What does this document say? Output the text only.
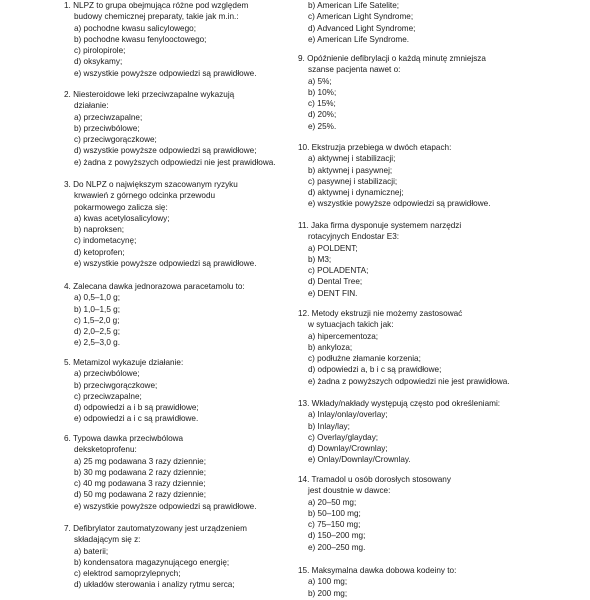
1. NLPZ to grupa obejmująca różne pod względem
budowy chemicznej preparaty, takie jak m.in.:
a) pochodne kwasu salicylowego;
b) pochodne kwasu fenylooctowego;
c) pirolopirole;
d) oksykamy;
e) wszystkie powyższe odpowiedzi są prawidłowe.
2. Niesteroidowe leki przeciwzapalne wykazują
działanie:
a) przeciwzapalne;
b) przeciwbólowe;
c) przeciwgorączkowe;
d) wszystkie powyższe odpowiedzi są prawidłowe;
e) żadna z powyższych odpowiedzi nie jest prawidłowa.
3. Do NLPZ o największym szacowanym ryzyku
krwawień z górnego odcinka przewodu
pokarmowego zalicza się:
a) kwas acetylosalicylowy;
b) naproksen;
c) indometacynę;
d) ketoprofen;
e) wszystkie powyższe odpowiedzi są prawidłowe.
4. Zalecana dawka jednorazowa paracetamolu to:
a) 0,5–1,0 g;
b) 1,0–1,5 g;
c) 1,5–2,0 g;
d) 2,0–2,5 g;
e) 2,5–3,0 g.
5. Metamizol wykazuje działanie:
a) przeciwbólowe;
b) przeciwgorączkowe;
c) przeciwzapalne;
d) odpowiedzi a i b są prawidłowe;
e) odpowiedzi a i c są prawidłowe.
6. Typowa dawka przeciwbólowa
deksketoprofenu:
a) 25 mg podawana 3 razy dziennie;
b) 30 mg podawana 2 razy dziennie;
c) 40 mg podawana 3 razy dziennie;
d) 50 mg podawana 2 razy dziennie;
e) wszystkie powyższe odpowiedzi są prawidłowe.
7. Defibrylator zautomatyzowany jest urządzeniem
składającym się z:
a) baterii;
b) kondensatora magazynującego energię;
c) elektrod samoprzylepnych;
d) układów sterowania i analizy rytmu serca;
b) American Life Satelite;
c) American Light Syndrome;
d) Advanced Light Syndrome;
e) American Life Syndrome.
9. Opóźnienie defibrylacji o każdą minutę zmniejsza
szanse pacjenta nawet o:
a) 5%;
b) 10%;
c) 15%;
d) 20%;
e) 25%.
10. Ekstruzja przebiega w dwóch etapach:
a) aktywnej i stabilizacji;
b) aktywnej i pasywnej;
c) pasywnej i stabilizacji;
d) aktywnej i dynamicznej;
e) wszystkie powyższe odpowiedzi są prawidłowe.
11. Jaka firma dysponuje systemem narzędzi
rotacyjnych Endostar E3:
a) POLDENT;
b) M3;
c) POLADENTA;
d) Dental Tree;
e) DENT FIN.
12. Metody ekstruzji nie możemy zastosować
w sytuacjach takich jak:
a) hipercementoza;
b) ankyloza;
c) podłużne złamanie korzenia;
d) odpowiedzi a, b i c są prawidłowe;
e) żadna z powyższych odpowiedzi nie jest prawidłowa.
13. Wkłady/nakłady występują często pod określeniami:
a) Inlay/onlay/overlay;
b) Inlay/lay;
c) Overlay/glayday;
d) Downlay/Crownlay;
e) Onlay/Downlay/Crownlay.
14. Tramadol u osób dorosłych stosowany
jest doustnie w dawce:
a) 20–50 mg;
b) 50–100 mg;
c) 75–150 mg;
d) 150–200 mg;
e) 200–250 mg.
15. Maksymalna dawka dobowa kodeiny to:
a) 100 mg;
b) 200 mg;
